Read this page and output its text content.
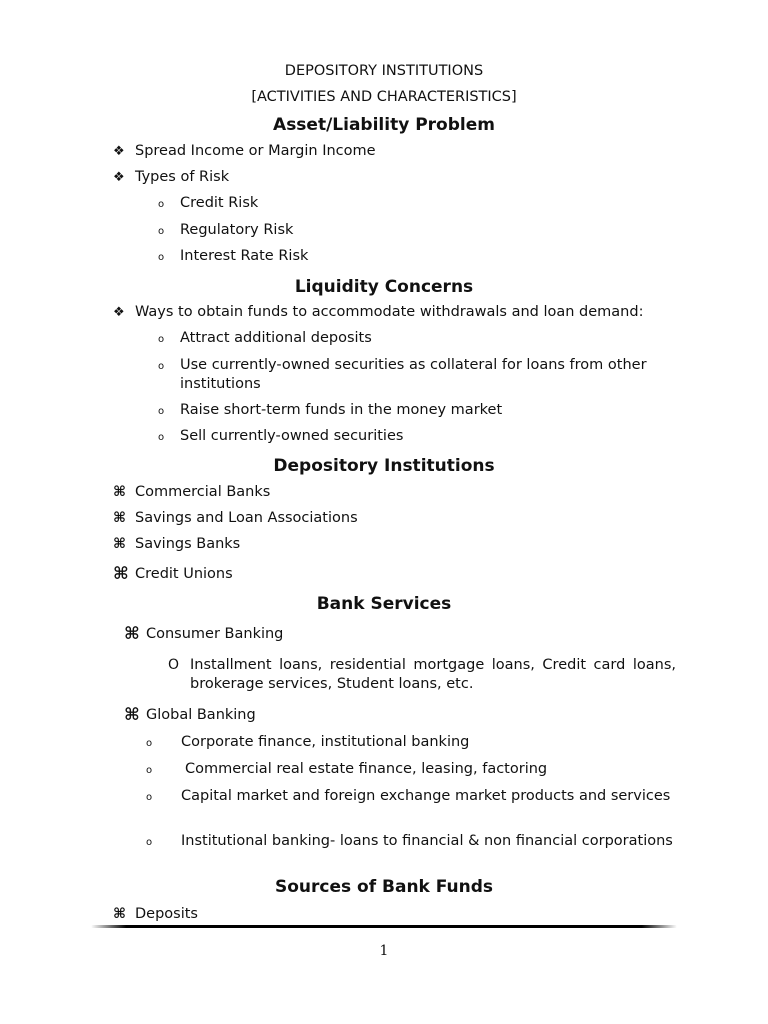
DEPOSITORY INSTITUTIONS
[ACTIVITIES AND CHARACTERISTICS]
Asset/Liability Problem
❖ Spread Income or Margin Income
❖ Types of Risk
o	Credit Risk
o	Regulatory Risk
o	Interest Rate Risk
Liquidity Concerns
❖ Ways to obtain funds to accommodate withdrawals and loan demand:
o	Attract additional deposits
o	Use currently-owned securities as collateral for loans from other institutions
o	Raise short-term funds in the money market
o	Sell currently-owned securities
Depository Institutions
⌘ Commercial Banks
⌘ Savings and Loan Associations
⌘ Savings Banks
⌘ Credit Unions
Bank Services
⌘ Consumer Banking
O Installment loans, residential mortgage loans, Credit card loans, brokerage services, Student loans, etc.
⌘ Global Banking
o	Corporate finance, institutional banking
o	Commercial real estate finance, leasing, factoring
o Capital market and foreign exchange market products and services
o Institutional banking- loans to financial & non financial corporations
Sources of Bank Funds
⌘ Deposits
1
